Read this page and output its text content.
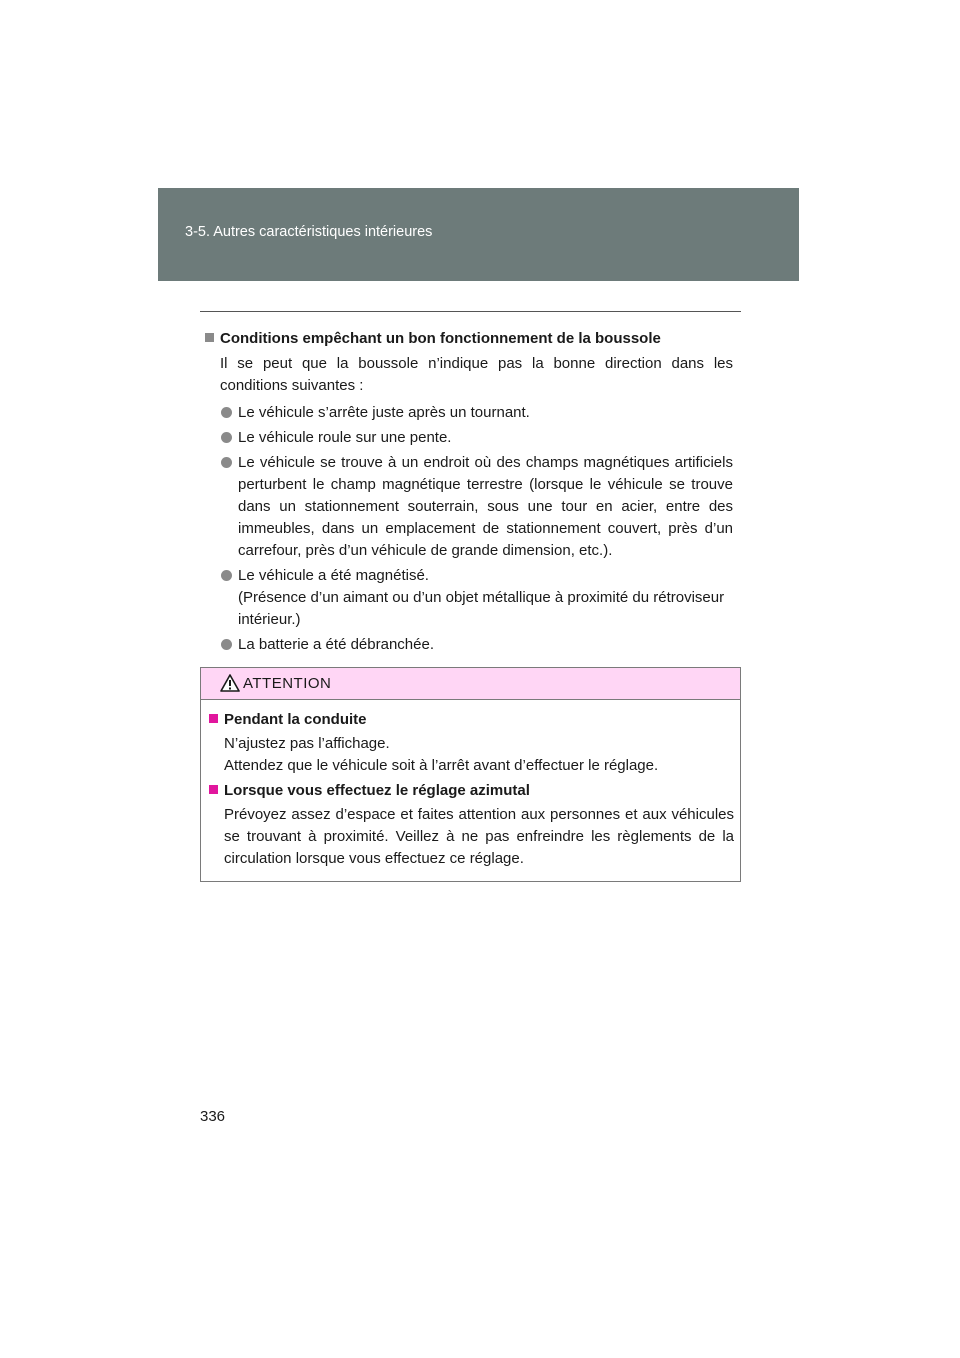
3-5. Autres caractéristiques intérieures
Conditions empêchant un bon fonctionnement de la boussole
Il se peut que la boussole n’indique pas la bonne direction dans les conditions suivantes :
Le véhicule s’arrête juste après un tournant.
Le véhicule roule sur une pente.
Le véhicule se trouve à un endroit où des champs magnétiques artificiels perturbent le champ magnétique terrestre (lorsque le véhicule se trouve dans un stationnement souterrain, sous une tour en acier, entre des immeubles, dans un emplacement de stationnement couvert, près d’un carrefour, près d’un véhicule de grande dimension, etc.).
Le véhicule a été magnétisé.
(Présence d’un aimant ou d’un objet métallique à proximité du rétroviseur intérieur.)
La batterie a été débranchée.
ATTENTION
Pendant la conduite
N’ajustez pas l’affichage.
Attendez que le véhicule soit à l’arrêt avant d’effectuer le réglage.
Lorsque vous effectuez le réglage azimutal
Prévoyez assez d’espace et faites attention aux personnes et aux véhicules se trouvant à proximité. Veillez à ne pas enfreindre les règlements de la circulation lorsque vous effectuez ce réglage.
336
